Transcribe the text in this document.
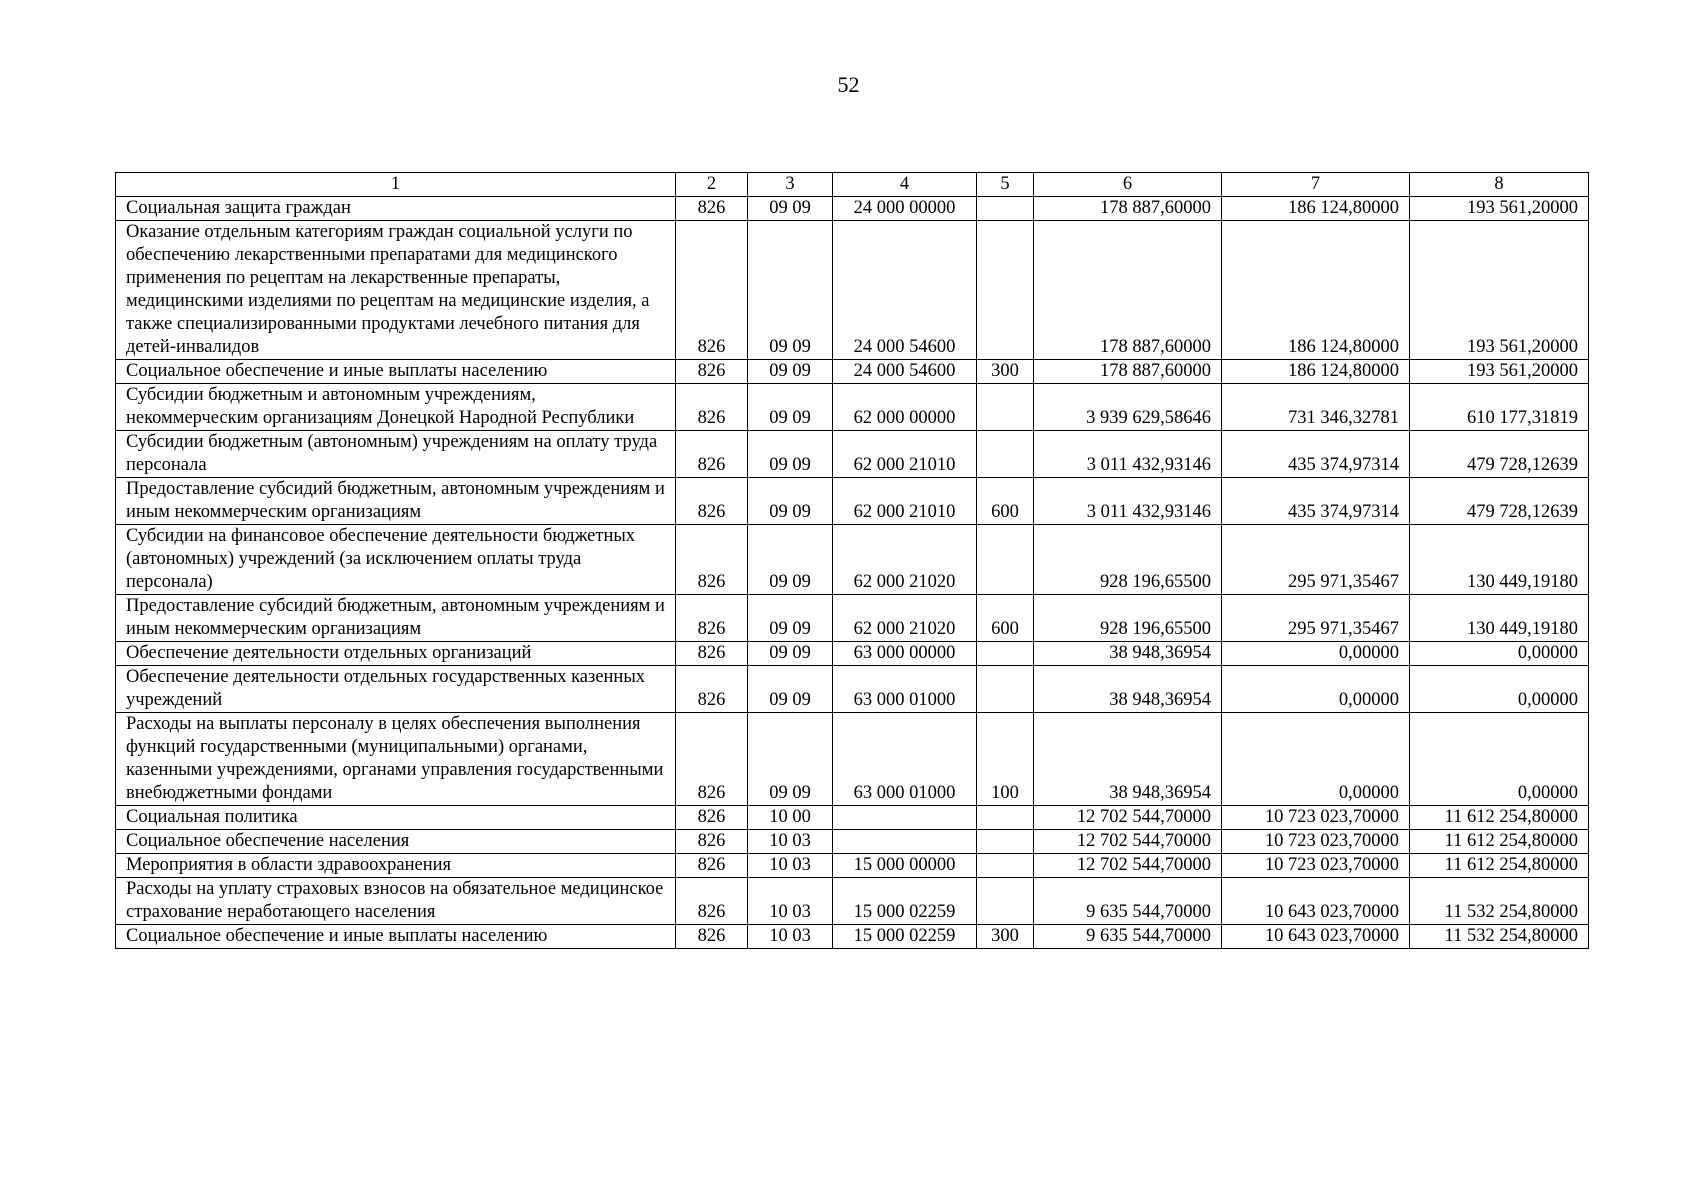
52
1	2	3	4	5	6	7	8
Социальная защита граждан	826	09 09	24 000 00000		178 887,60000	186 124,80000	193 561,20000
Оказание отдельным категориям граждан социальной услуги по обеспечению лекарственными препаратами для медицинского применения по рецептам на лекарственные препараты, медицинскими изделиями по рецептам на медицинские изделия, а также специализированными продуктами лечебного питания для детей-инвалидов	826	09 09	24 000 54600		178 887,60000	186 124,80000	193 561,20000
Социальное обеспечение и иные выплаты населению	826	09 09	24 000 54600	300	178 887,60000	186 124,80000	193 561,20000
Субсидии бюджетным и автономным учреждениям, некоммерческим организациям Донецкой Народной Республики	826	09 09	62 000 00000		3 939 629,58646	731 346,32781	610 177,31819
Субсидии бюджетным (автономным) учреждениям на оплату труда персонала	826	09 09	62 000 21010		3 011 432,93146	435 374,97314	479 728,12639
Предоставление субсидий бюджетным, автономным учреждениям и иным некоммерческим организациям	826	09 09	62 000 21010	600	3 011 432,93146	435 374,97314	479 728,12639
Субсидии на финансовое обеспечение деятельности бюджетных (автономных) учреждений (за исключением оплаты труда персонала)	826	09 09	62 000 21020		928 196,65500	295 971,35467	130 449,19180
Предоставление субсидий бюджетным, автономным учреждениям и иным некоммерческим организациям	826	09 09	62 000 21020	600	928 196,65500	295 971,35467	130 449,19180
Обеспечение деятельности отдельных организаций	826	09 09	63 000 00000		38 948,36954	0,00000	0,00000
Обеспечение деятельности отдельных государственных казенных учреждений	826	09 09	63 000 01000		38 948,36954	0,00000	0,00000
Расходы на выплаты персоналу в целях обеспечения выполнения функций государственными (муниципальными) органами, казенными учреждениями, органами управления государственными внебюджетными фондами	826	09 09	63 000 01000	100	38 948,36954	0,00000	0,00000
Социальная политика	826	10 00			12 702 544,70000	10 723 023,70000	11 612 254,80000
Социальное обеспечение населения	826	10 03			12 702 544,70000	10 723 023,70000	11 612 254,80000
Мероприятия в области здравоохранения	826	10 03	15 000 00000		12 702 544,70000	10 723 023,70000	11 612 254,80000
Расходы на уплату страховых взносов на обязательное медицинское страхование неработающего населения	826	10 03	15 000 02259		9 635 544,70000	10 643 023,70000	11 532 254,80000
Социальное обеспечение и иные выплаты населению	826	10 03	15 000 02259	300	9 635 544,70000	10 643 023,70000	11 532 254,80000
